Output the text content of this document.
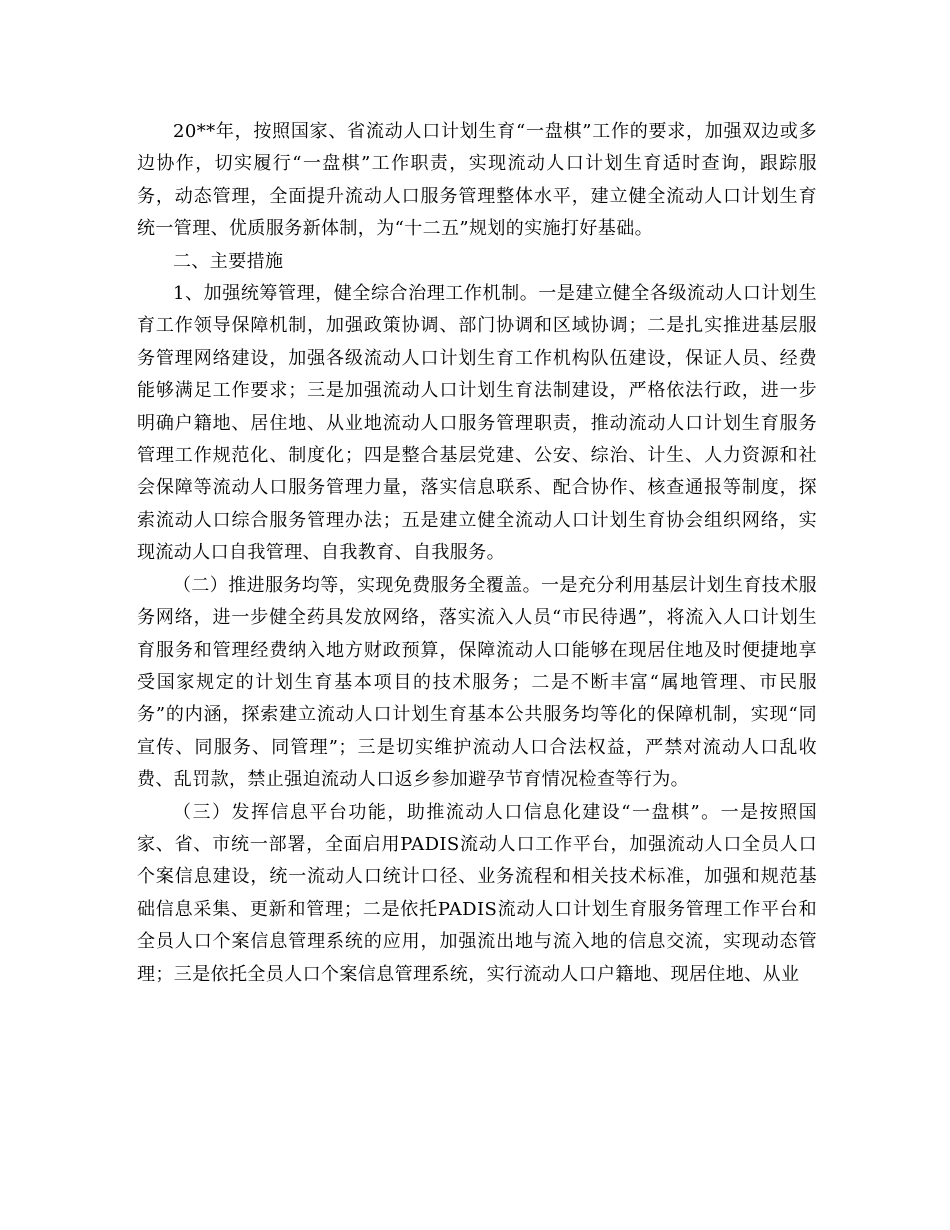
20**年，按照国家、省流动人口计划生育“一盘棋”工作的要求，加强双边或多边协作，切实履行“一盘棋”工作职责，实现流动人口计划生育适时查询，跟踪服务，动态管理，全面提升流动人口服务管理整体水平，建立健全流动人口计划生育统一管理、优质服务新体制，为“十二五”规划的实施打好基础。

二、主要措施

1、加强统筹管理，健全综合治理工作机制。一是建立健全各级流动人口计划生育工作领导保障机制，加强政策协调、部门协调和区域协调；二是扎实推进基层服务管理网络建设，加强各级流动人口计划生育工作机构队伍建设，保证人员、经费能够满足工作要求；三是加强流动人口计划生育法制建设，严格依法行政，进一步明确户籍地、居住地、从业地流动人口服务管理职责，推动流动人口计划生育服务管理工作规范化、制度化；四是整合基层党建、公安、综治、计生、人力资源和社会保障等流动人口服务管理力量，落实信息联系、配合协作、核查通报等制度，探索流动人口综合服务管理办法；五是建立健全流动人口计划生育协会组织网络，实现流动人口自我管理、自我教育、自我服务。

（二）推进服务均等，实现免费服务全覆盖。一是充分利用基层计划生育技术服务网络，进一步健全药具发放网络，落实流入人员“市民待遇”，将流入人口计划生育服务和管理经费纳入地方财政预算，保障流动人口能够在现居住地及时便捷地享受国家规定的计划生育基本项目的技术服务；二是不断丰富“属地管理、市民服务”的内涵，探索建立流动人口计划生育基本公共服务均等化的保障机制，实现“同宣传、同服务、同管理”；三是切实维护流动人口合法权益，严禁对流动人口乱收费、乱罚款，禁止强迫流动人口返乡参加避孕节育情况检查等行为。

（三）发挥信息平台功能，助推流动人口信息化建设“一盘棋”。一是按照国家、省、市统一部署，全面启用PADIS流动人口工作平台，加强流动人口全员人口个案信息建设，统一流动人口统计口径、业务流程和相关技术标准，加强和规范基础信息采集、更新和管理；二是依托PADIS流动人口计划生育服务管理工作平台和全员人口个案信息管理系统的应用，加强流出地与流入地的信息交流，实现动态管理；三是依托全员人口个案信息管理系统，实行流动人口户籍地、现居住地、从业
